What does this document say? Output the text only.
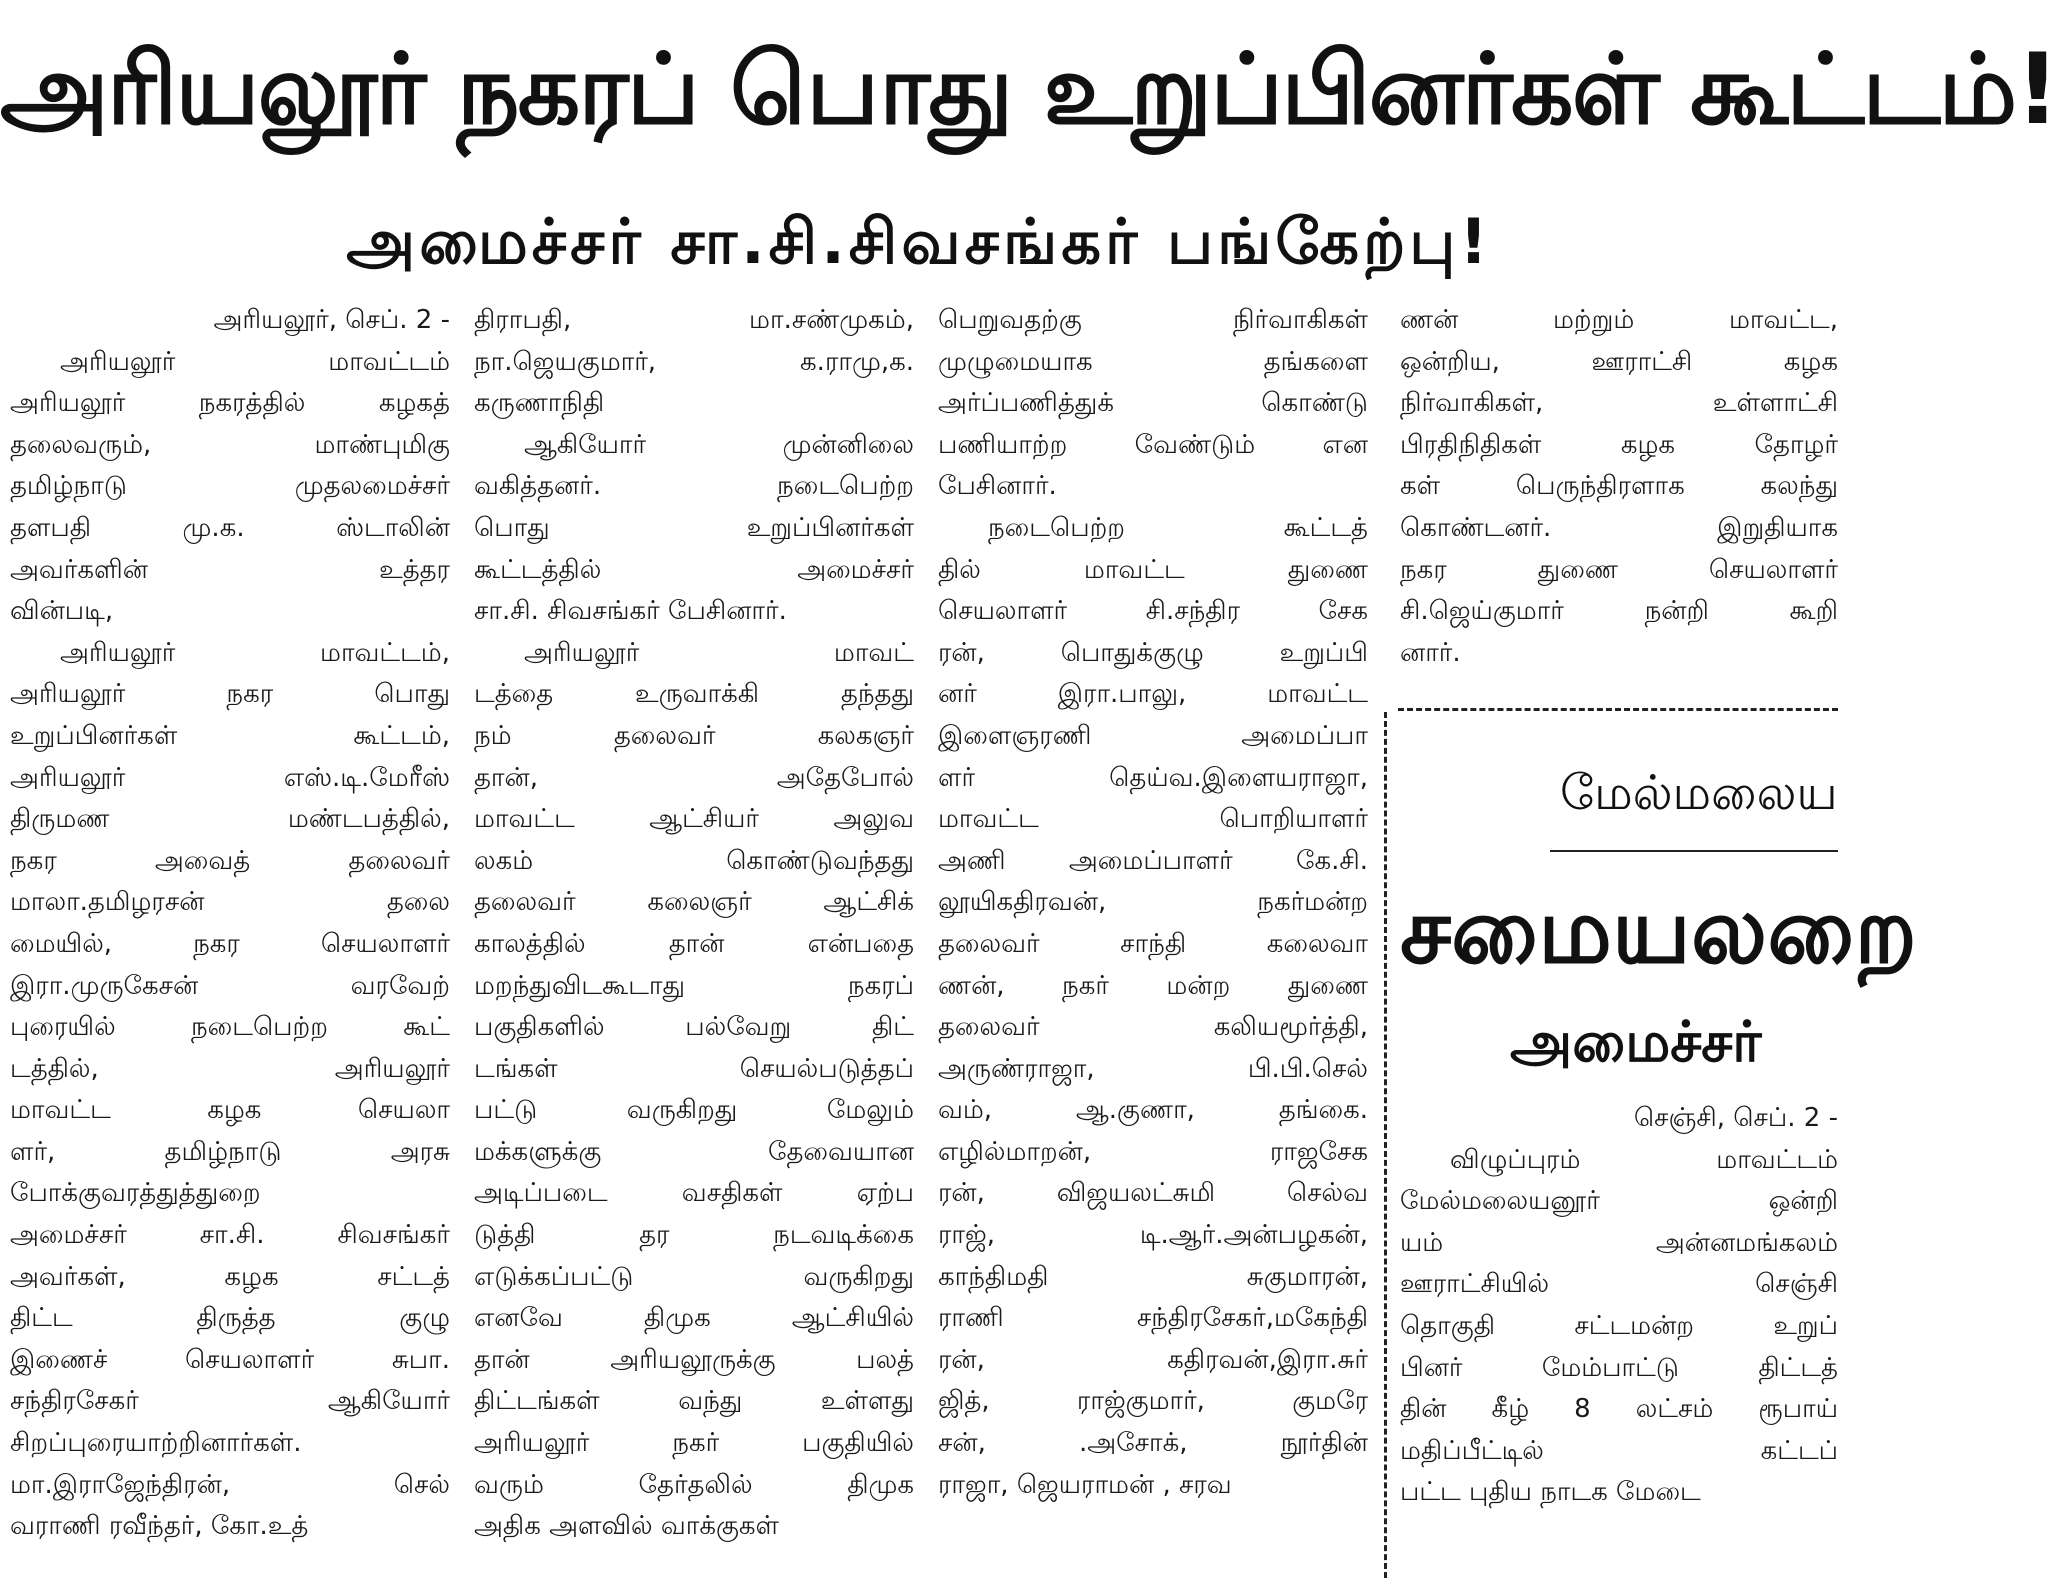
அரியலூர் நகரப் பொது உறுப்பினர்கள் கூட்டம்!
அமைச்சர் சா.சி.சிவசங்கர் பங்கேற்பு!
அரியலூர், செப். 2 -
அரியலூர் மாவட்டம்
அரியலூர் நகரத்தில் கழகத்
தலைவரும், மாண்புமிகு
தமிழ்நாடு முதலமைச்சர்
தளபதி மு.க. ஸ்டாலின்
அவர்களின் உத்தர
வின்படி,
அரியலூர் மாவட்டம்,
அரியலூர் நகர பொது
உறுப்பினர்கள் கூட்டம்,
அரியலூர் எஸ்.டி.மேரீஸ்
திருமண மண்டபத்தில்,
நகர அவைத் தலைவர்
மாலா.தமிழரசன் தலை
மையில், நகர செயலாளர்
இரா.முருகேசன் வரவேற்
புரையில் நடைபெற்ற கூட்
டத்தில், அரியலூர்
மாவட்ட கழக செயலா
ளர், தமிழ்நாடு அரசு
போக்குவரத்துத்துறை
அமைச்சர் சா.சி. சிவசங்கர்
அவர்கள், கழக சட்டத்
திட்ட திருத்த குழு
இணைச் செயலாளர் சுபா.
சந்திரசேகர் ஆகியோர்
சிறப்புரையாற்றினார்கள்.
மா.இராஜேந்திரன், செல்
வராணி ரவீந்தர், கோ.உத்
திராபதி, மா.சண்முகம்,
நா.ஜெயகுமார், க.ராமு,க.
கருணாநிதி
ஆகியோர் முன்னிலை
வகித்தனர். நடைபெற்ற
பொது உறுப்பினர்கள்
கூட்டத்தில் அமைச்சர்
சா.சி. சிவசங்கர் பேசினார்.
அரியலூர் மாவட்
டத்தை உருவாக்கி தந்தது
நம் தலைவர் கலகஞர்
தான், அதேபோல்
மாவட்ட ஆட்சியர் அலுவ
லகம் கொண்டுவந்தது
தலைவர் கலைஞர் ஆட்சிக்
காலத்தில் தான் என்பதை
மறந்துவிடகூடாது நகரப்
பகுதிகளில் பல்வேறு திட்
டங்கள் செயல்படுத்தப்
பட்டு வருகிறது மேலும்
மக்களுக்கு தேவையான
அடிப்படை வசதிகள் ஏற்ப
டுத்தி தர நடவடிக்கை
எடுக்கப்பட்டு வருகிறது
எனவே திமுக ஆட்சியில்
தான் அரியலூருக்கு பலத்
திட்டங்கள் வந்து உள்ளது
அரியலூர் நகர் பகுதியில்
வரும் தேர்தலில் திமுக
அதிக அளவில் வாக்குகள்
பெறுவதற்கு நிர்வாகிகள்
முழுமையாக தங்களை
அர்ப்பணித்துக் கொண்டு
பணியாற்ற வேண்டும் என
பேசினார்.
நடைபெற்ற கூட்டத்
தில் மாவட்ட துணை
செயலாளர் சி.சந்திர சேக
ரன், பொதுக்குழு உறுப்பி
னர் இரா.பாலு, மாவட்ட
இளைஞரணி அமைப்பா
ளர் தெய்வ.இளையராஜா,
மாவட்ட பொறியாளர்
அணி அமைப்பாளர் கே.சி.
லூயிகதிரவன், நகர்மன்ற
தலைவர் சாந்தி கலைவா
ணன், நகர் மன்ற துணை
தலைவர் கலியமூர்த்தி,
அருண்ராஜா, பி.பி.செல்
வம், ஆ.குணா, தங்கை.
எழில்மாறன், ராஜசேக
ரன், விஜயலட்சுமி செல்வ
ராஜ், டி.ஆர்.அன்பழகன்,
காந்திமதி சுகுமாரன்,
ராணி சந்திரசேகர்,மகேந்தி
ரன், கதிரவன்,இரா.சுர்
ஜித், ராஜ்குமார், குமரே
சன், .அசோக், நூர்தின்
ராஜா, ஜெயராமன் , சரவ
ணன் மற்றும் மாவட்ட,
ஒன்றிய, ஊராட்சி கழக
நிர்வாகிகள், உள்ளாட்சி
பிரதிநிதிகள் கழக தோழர்
கள் பெருந்திரளாக கலந்து
கொண்டனர். இறுதியாக
நகர துணை செயலாளர்
சி.ஜெய்குமார் நன்றி கூறி
னார்.
மேல்மலைய
சமையலறை
அமைச்சர்
செஞ்சி, செப். 2 -
விழுப்புரம் மாவட்டம்
மேல்மலையனூர் ஒன்றி
யம் அன்னமங்கலம்
ஊராட்சியில் செஞ்சி
தொகுதி சட்டமன்ற உறுப்
பினர் மேம்பாட்டு திட்டத்
தின் கீழ் 8 லட்சம் ரூபாய்
மதிப்பீட்டில் கட்டப்
பட்ட புதிய நாடக மேடை
